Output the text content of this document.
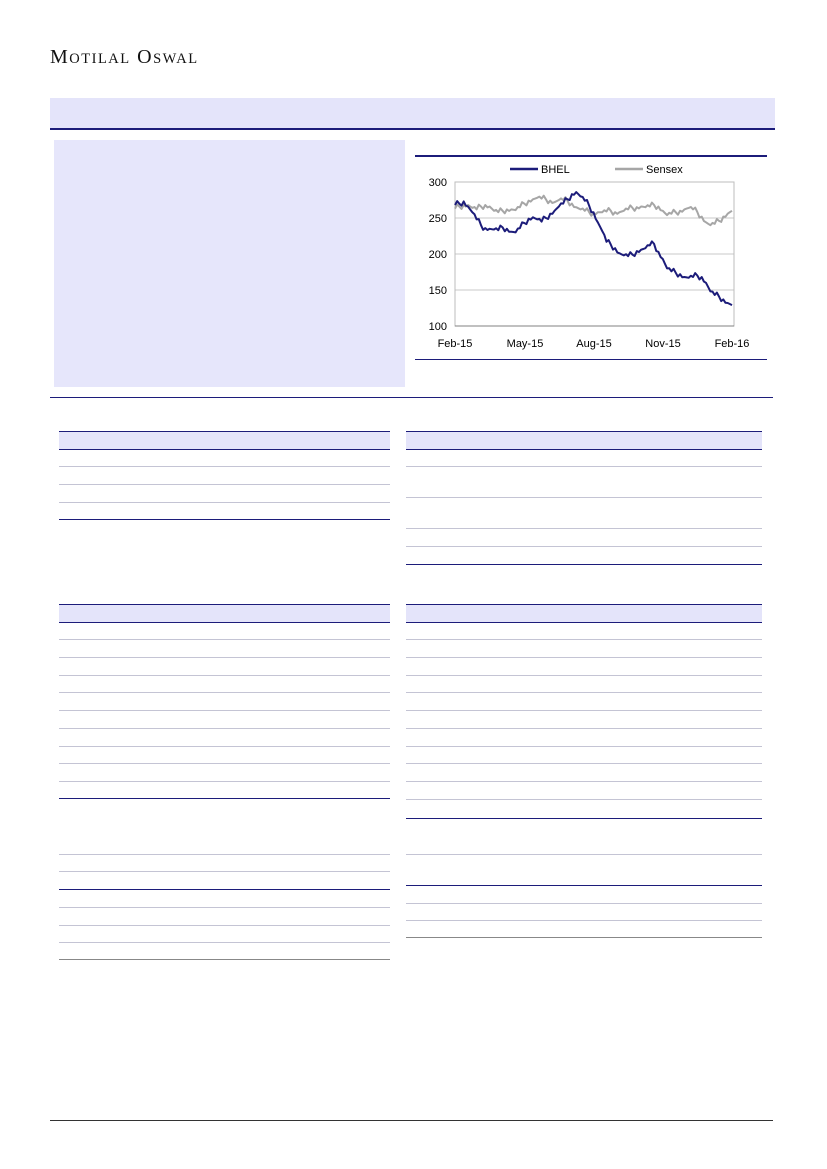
MOTILAL OSWAL
300
250
200
150
100
Feb-15	May-15	Aug-15	Nov-15	Feb-16
BHEL	Sensex
